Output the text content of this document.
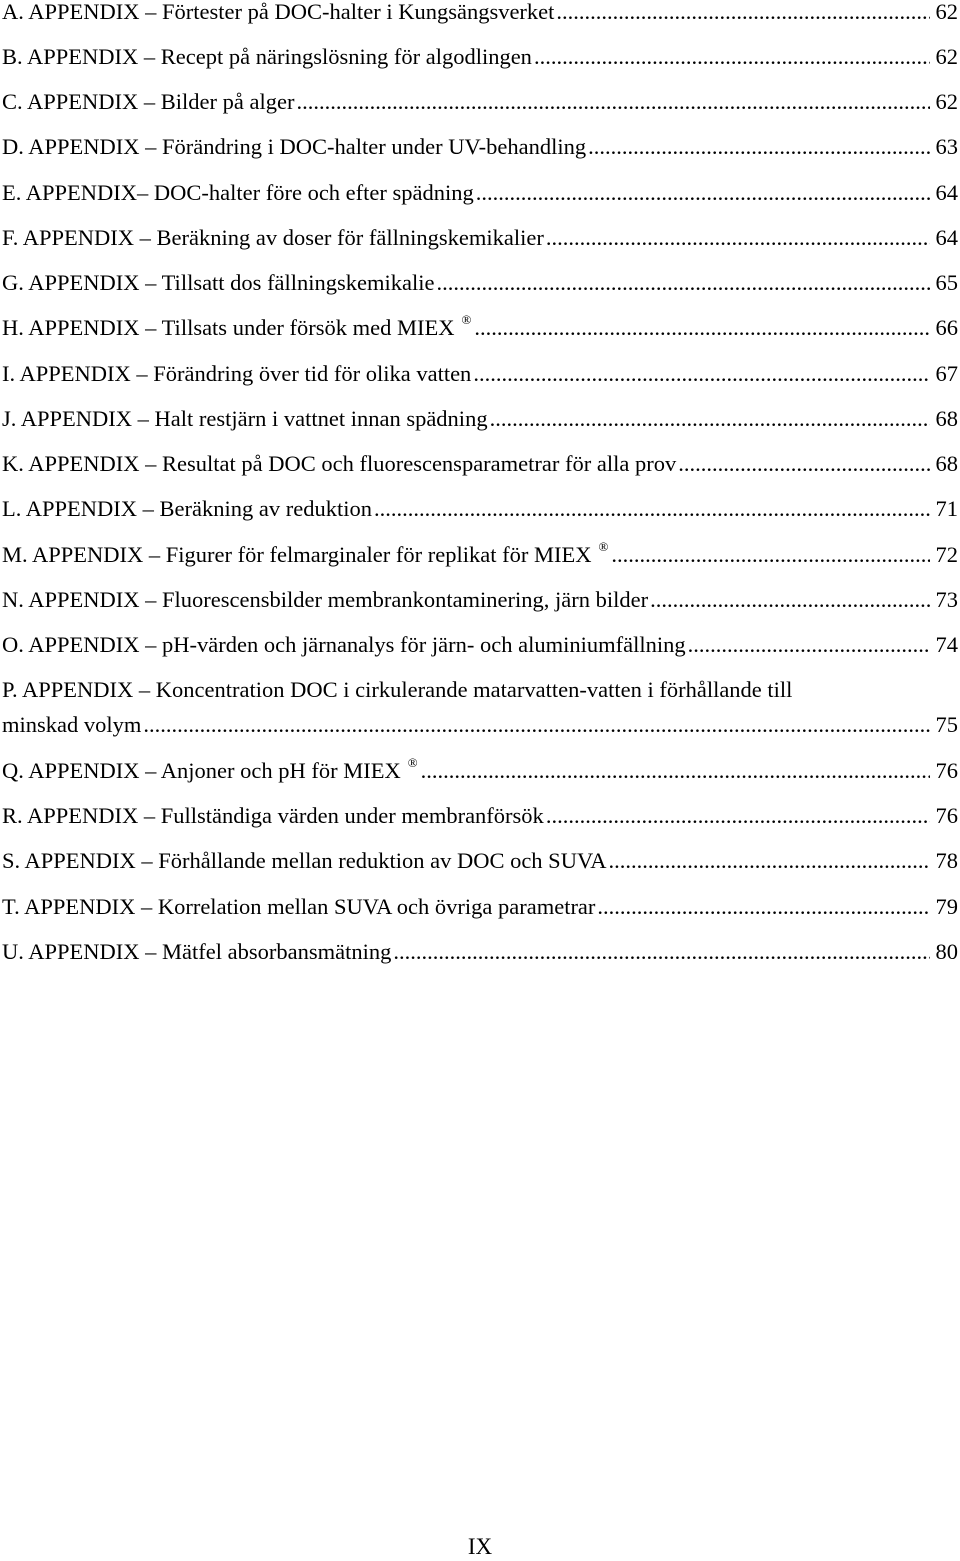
A. APPENDIX – Förtester på DOC-halter i Kungsängsverket .....	62
B. APPENDIX – Recept på näringslösning för algodlingen .....	62
C. APPENDIX – Bilder på alger .....	62
D. APPENDIX – Förändring i DOC-halter under UV-behandling .....	63
E. APPENDIX– DOC-halter före och efter spädning .....	64
F. APPENDIX – Beräkning av doser för fällningskemikalier .....	64
G. APPENDIX – Tillsatt dos fällningskemikalie .....	65
H. APPENDIX – Tillsats under försök med MIEX ® .....	66
I. APPENDIX – Förändring över tid för olika vatten .....	67
J. APPENDIX – Halt restjärn i vattnet innan spädning .....	68
K. APPENDIX – Resultat på DOC och fluorescensparametrar för alla prov .....	68
L. APPENDIX – Beräkning av reduktion .....	71
M. APPENDIX – Figurer för felmarginaler för replikat för MIEX ® .....	72
N. APPENDIX – Fluorescensbilder membrankontaminering, järn bilder .....	73
O. APPENDIX – pH-värden och järnanalys för järn- och aluminiumfällning .....	74
P. APPENDIX – Koncentration DOC i cirkulerande matarvatten-vatten i förhållande till
minskad volym .....	75
Q. APPENDIX – Anjoner och pH för MIEX ® .....	76
R. APPENDIX – Fullständiga värden under membranförsök .....	76
S. APPENDIX – Förhållande mellan reduktion av DOC och SUVA .....	78
T. APPENDIX – Korrelation mellan SUVA och övriga parametrar .....	79
U. APPENDIX – Mätfel absorbansmätning .....	80
IX
